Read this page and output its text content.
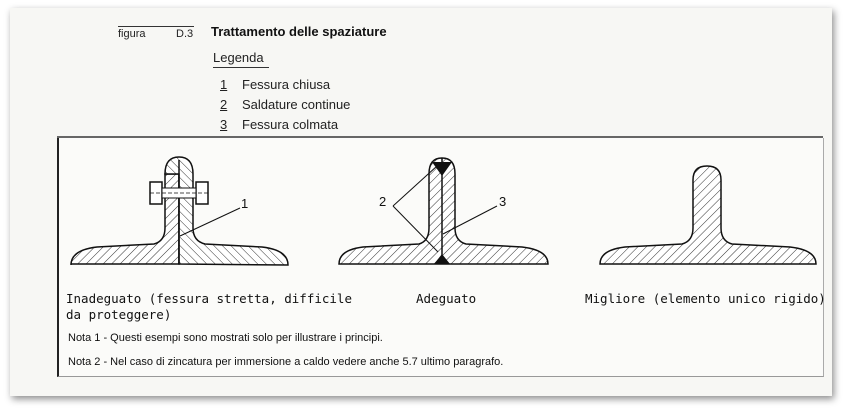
figura	D.3 Trattamento delle spaziature
Legenda
1 Fessura chiusa
2 Saldature continue
3 Fessura colmata
1	2	3
Inadeguato (fessura stretta, difficile
da proteggere)
Adeguato	Migliore (elemento unico rigido)
Nota 1 - Questi esempi sono mostrati solo per illustrare i principi.
Nota 2 - Nel caso di zincatura per immersione a caldo vedere anche 5.7 ultimo paragrafo.
